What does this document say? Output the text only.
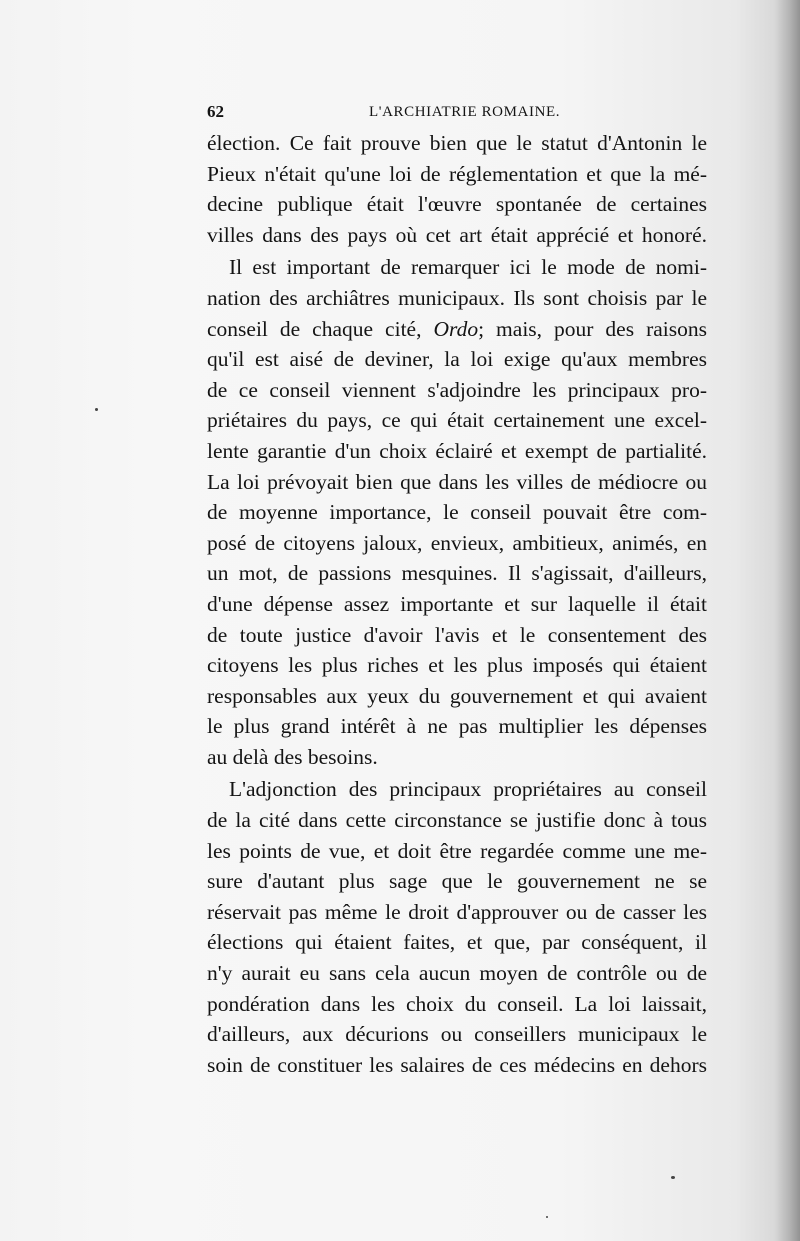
62	L'ARCHIATRIE ROMAINE.
élection. Ce fait prouve bien que le statut d'Antonin le
Pieux n'était qu'une loi de réglementation et que la mé-
decine publique était l'œuvre spontanée de certaines
villes dans des pays où cet art était apprécié et honoré.
Il est important de remarquer ici le mode de nomi-
nation des archiâtres municipaux. Ils sont choisis par le
conseil de chaque cité, Ordo; mais, pour des raisons
qu'il est aisé de deviner, la loi exige qu'aux membres
de ce conseil viennent s'adjoindre les principaux pro-
priétaires du pays, ce qui était certainement une excel-
lente garantie d'un choix éclairé et exempt de partialité.
La loi prévoyait bien que dans les villes de médiocre ou
de moyenne importance, le conseil pouvait être com-
posé de citoyens jaloux, envieux, ambitieux, animés, en
un mot, de passions mesquines. Il s'agissait, d'ailleurs,
d'une dépense assez importante et sur laquelle il était
de toute justice d'avoir l'avis et le consentement des
citoyens les plus riches et les plus imposés qui étaient
responsables aux yeux du gouvernement et qui avaient
le plus grand intérêt à ne pas multiplier les dépenses
au delà des besoins.
L'adjonction des principaux propriétaires au conseil
de la cité dans cette circonstance se justifie donc à tous
les points de vue, et doit être regardée comme une me-
sure d'autant plus sage que le gouvernement ne se
réservait pas même le droit d'approuver ou de casser les
élections qui étaient faites, et que, par conséquent, il
n'y aurait eu sans cela aucun moyen de contrôle ou de
pondération dans les choix du conseil. La loi laissait,
d'ailleurs, aux décurions ou conseillers municipaux le
soin de constituer les salaires de ces médecins en dehors
